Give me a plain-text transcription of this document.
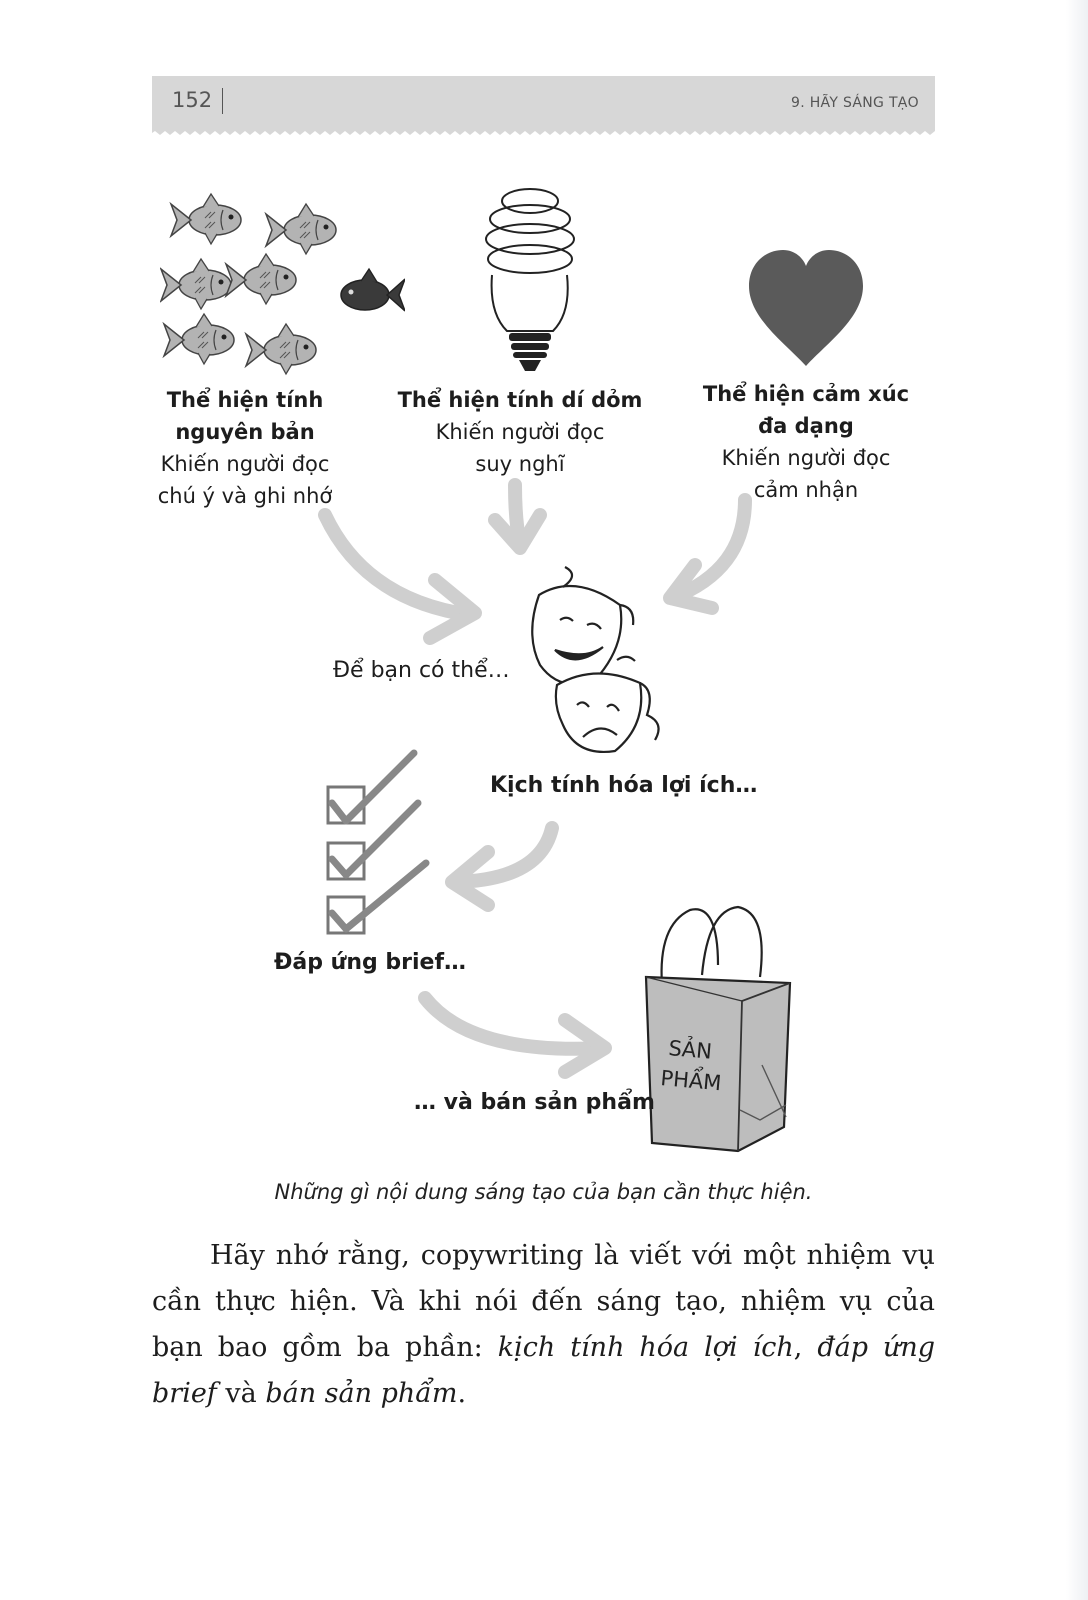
152	9. HÃY SÁNG TẠO
Thể hiện tính
nguyên bản
Khiến người đọc
chú ý và ghi nhớ
Thể hiện tính dí dỏm
Khiến người đọc
suy nghĩ
Thể hiện cảm xúc
đa dạng
Khiến người đọc
cảm nhận
SẢN
PHẨM
Để bạn có thể…
Kịch tính hóa lợi ích…
Đáp ứng brief…
… và bán sản phẩm
Những gì nội dung sáng tạo của bạn cần thực hiện.

Hãy nhớ rằng, copywriting là viết với một nhiệm vụ cần thực hiện. Và khi nói đến sáng tạo, nhiệm vụ của bạn bao gồm ba phần: kịch tính hóa lợi ích, đáp ứng brief và bán sản phẩm.
